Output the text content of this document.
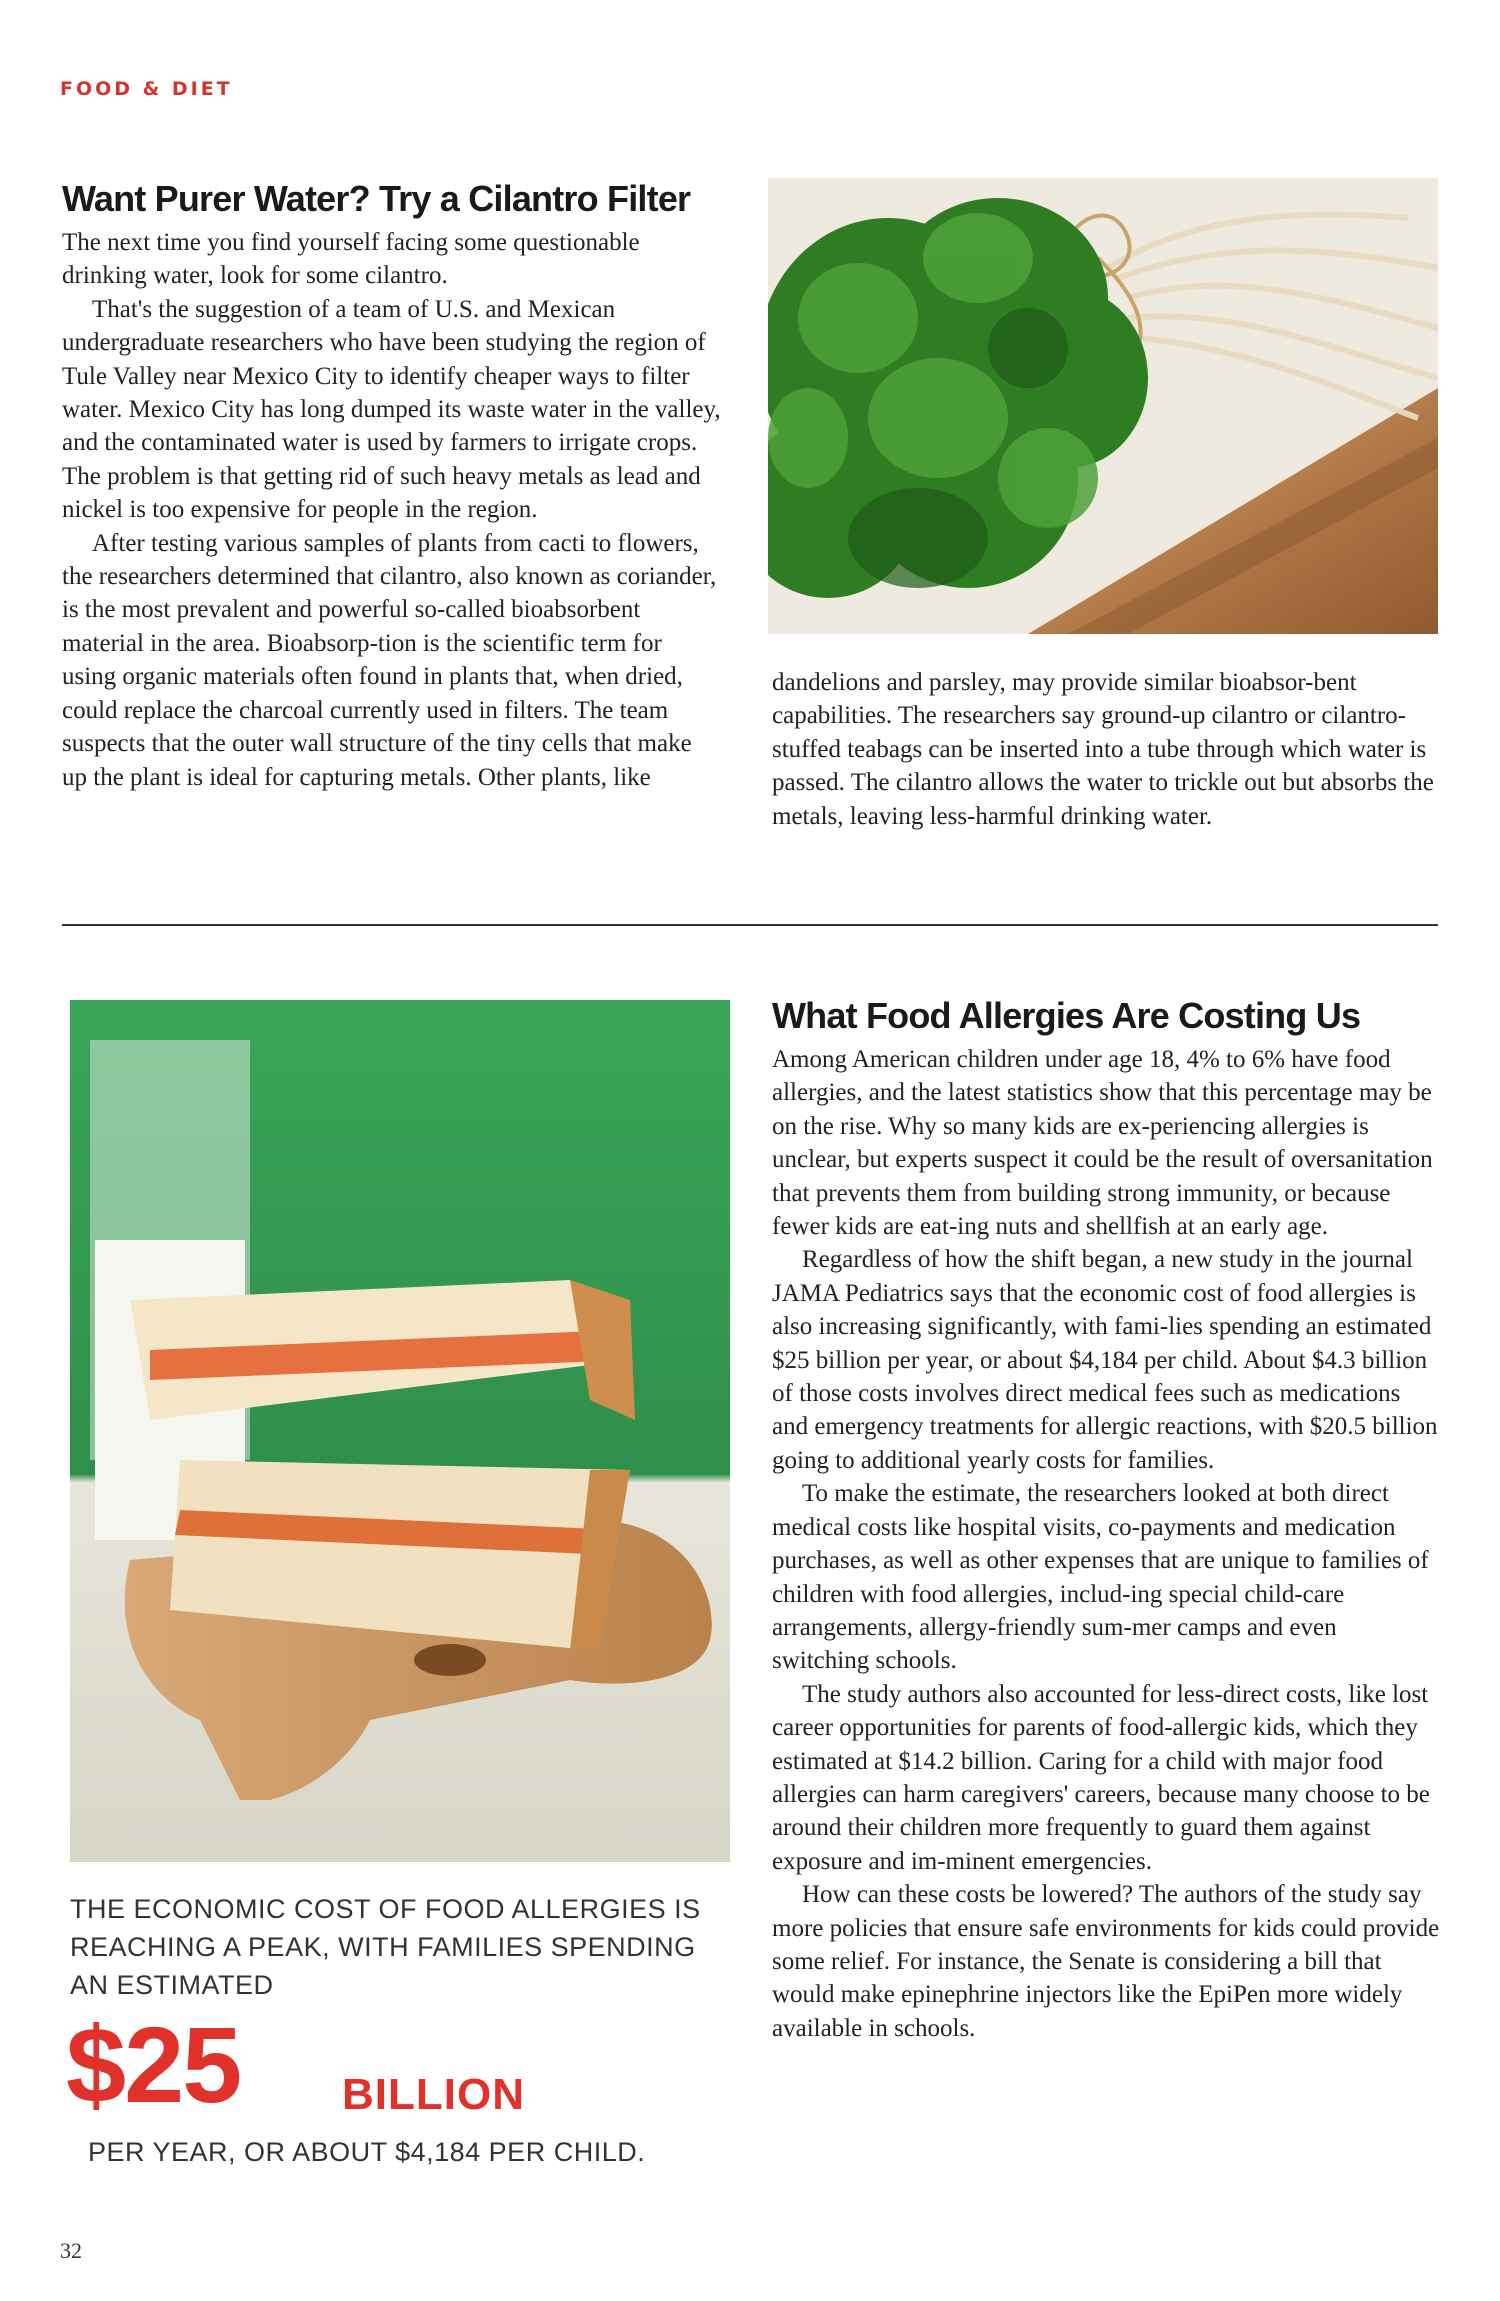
FOOD & DIET
Want Purer Water? Try a Cilantro Filter

The next time you find yourself facing some questionable drinking water, look for some cilantro.

That's the suggestion of a team of U.S. and Mexican undergraduate researchers who have been studying the region of Tule Valley near Mexico City to identify cheaper ways to filter water. Mexico City has long dumped its waste water in the valley, and the contaminated water is used by farmers to irrigate crops. The problem is that getting rid of such heavy metals as lead and nickel is too expensive for people in the region.

After testing various samples of plants from cacti to flowers, the researchers determined that cilantro, also known as coriander, is the most prevalent and powerful so-called bioabsorbent material in the area. Bioabsorp-tion is the scientific term for using organic materials often found in plants that, when dried, could replace the charcoal currently used in filters. The team suspects that the outer wall structure of the tiny cells that make up the plant is ideal for capturing metals. Other plants, like

dandelions and parsley, may provide similar bioabsor-bent capabilities. The researchers say ground-up cilantro or cilantro-stuffed teabags can be inserted into a tube through which water is passed. The cilantro allows the water to trickle out but absorbs the metals, leaving less-harmful drinking water.

THE ECONOMIC COST OF FOOD ALLERGIES IS REACHING A PEAK, WITH FAMILIES SPENDING AN ESTIMATED
$25 BILLION
PER YEAR, OR ABOUT $4,184 PER CHILD.
What Food Allergies Are Costing Us

Among American children under age 18, 4% to 6% have food allergies, and the latest statistics show that this percentage may be on the rise. Why so many kids are ex-periencing allergies is unclear, but experts suspect it could be the result of oversanitation that prevents them from building strong immunity, or because fewer kids are eat-ing nuts and shellfish at an early age.

Regardless of how the shift began, a new study in the journal JAMA Pediatrics says that the economic cost of food allergies is also increasing significantly, with fami-lies spending an estimated $25 billion per year, or about $4,184 per child. About $4.3 billion of those costs involves direct medical fees such as medications and emergency treatments for allergic reactions, with $20.5 billion going to additional yearly costs for families.

To make the estimate, the researchers looked at both direct medical costs like hospital visits, co-payments and medication purchases, as well as other expenses that are unique to families of children with food allergies, includ-ing special child-care arrangements, allergy-friendly sum-mer camps and even switching schools.

The study authors also accounted for less-direct costs, like lost career opportunities for parents of food-allergic kids, which they estimated at $14.2 billion. Caring for a child with major food allergies can harm caregivers' careers, because many choose to be around their children more frequently to guard them against exposure and im-minent emergencies.

How can these costs be lowered? The authors of the study say more policies that ensure safe environments for kids could provide some relief. For instance, the Senate is considering a bill that would make epinephrine injectors like the EpiPen more widely available in schools.

32
